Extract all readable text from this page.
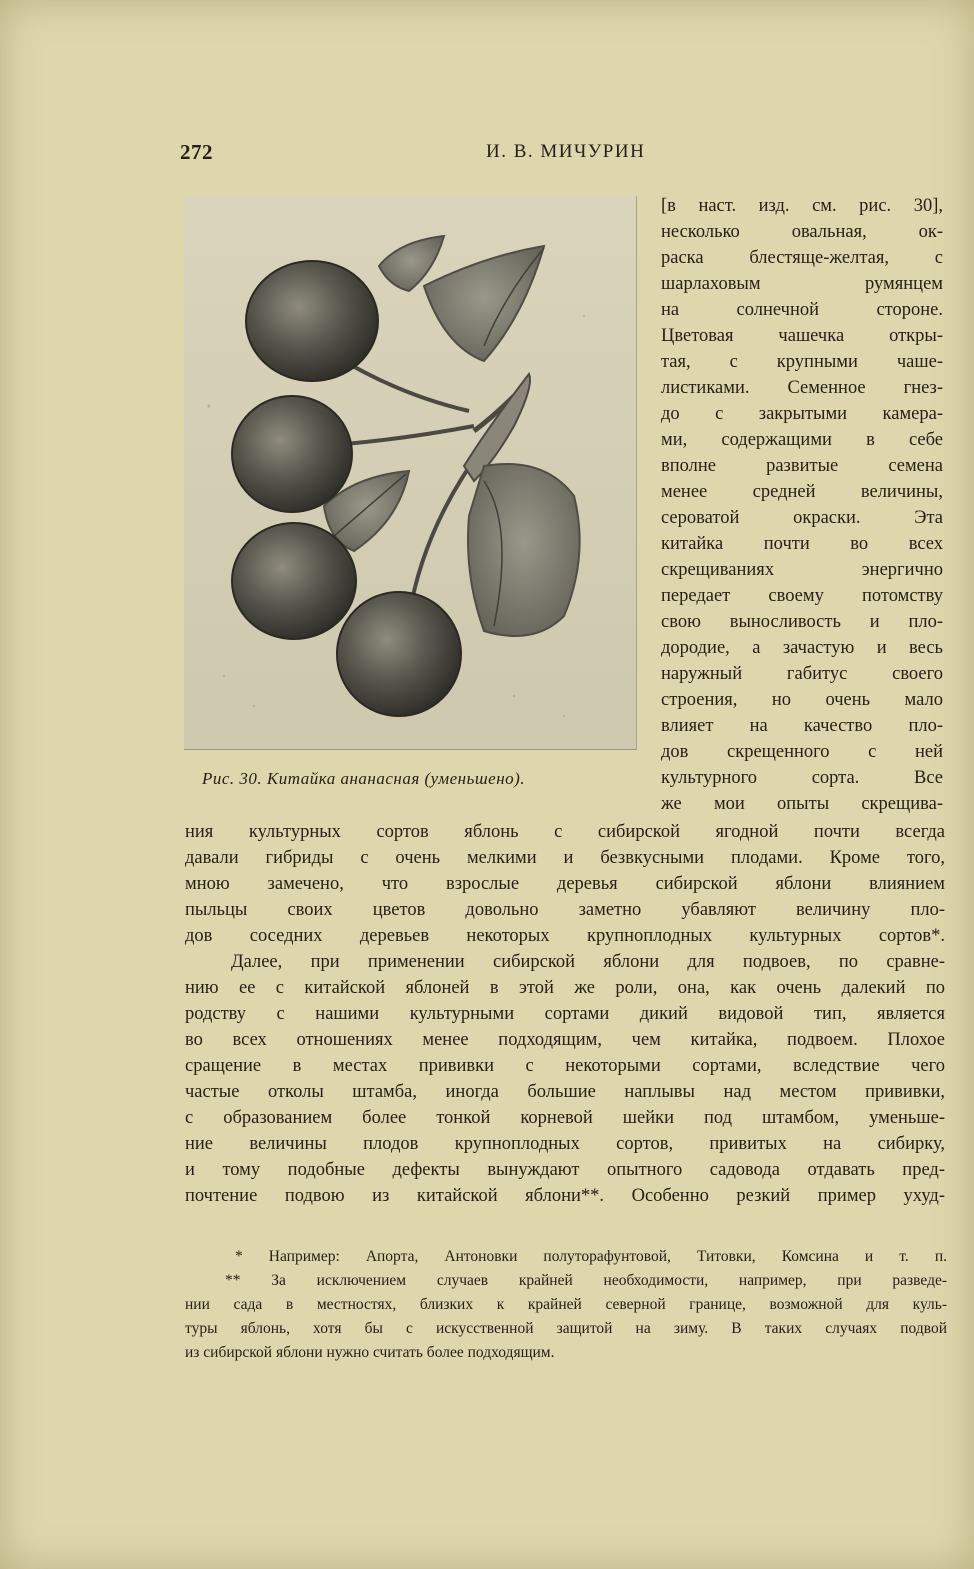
272	И. В. МИЧУРИН
Рис. 30. Китайка ананасная (уменьшено).
[в наст. изд. см. рис. 30],
несколько овальная, ок-
раска блестяще-желтая, с
шарлаховым румянцем
на солнечной стороне.
Цветовая чашечка откры-
тая, с крупными чаше-
листиками. Семенное гнез-
до с закрытыми камера-
ми, содержащими в себе
вполне развитые семена
менее средней величины,
сероватой окраски. Эта
китайка почти во всех
скрещиваниях энергично
передает своему потомству
свою выносливость и пло-
дородие, а зачастую и весь
наружный габитус своего
строения, но очень мало
влияет на качество пло-
дов скрещенного с ней
культурного сорта. Все
же мои опыты скрещива-
ния культурных сортов яблонь с сибирской ягодной почти всегда
давали гибриды с очень мелкими и безвкусными плодами. Кроме того,
мною замечено, что взрослые деревья сибирской яблони влиянием
пыльцы своих цветов довольно заметно убавляют величину пло-
дов соседних деревьев некоторых крупноплодных культурных сортов*.
Далее, при применении сибирской яблони для подвоев, по сравне-
нию ее с китайской яблоней в этой же роли, она, как очень далекий по
родству с нашими культурными сортами дикий видовой тип, является
во всех отношениях менее подходящим, чем китайка, подвоем. Плохое
сращение в местах прививки с некоторыми сортами, вследствие чего
частые отколы штамба, иногда большие наплывы над местом прививки,
с образованием более тонкой корневой шейки под штамбом, уменьше-
ние величины плодов крупноплодных сортов, привитых на сибирку,
и тому подобные дефекты вынуждают опытного садовода отдавать пред-
почтение подвою из китайской яблони**. Особенно резкий пример ухуд-
* Например: Апорта, Антоновки полуторафунтовой, Титовки, Комсина и т. п.
** За исключением случаев крайней необходимости, например, при разведе-
нии сада в местностях, близких к крайней северной границе, возможной для куль-
туры яблонь, хотя бы с искусственной защитой на зиму. В таких случаях подвой
из сибирской яблони нужно считать более подходящим.
